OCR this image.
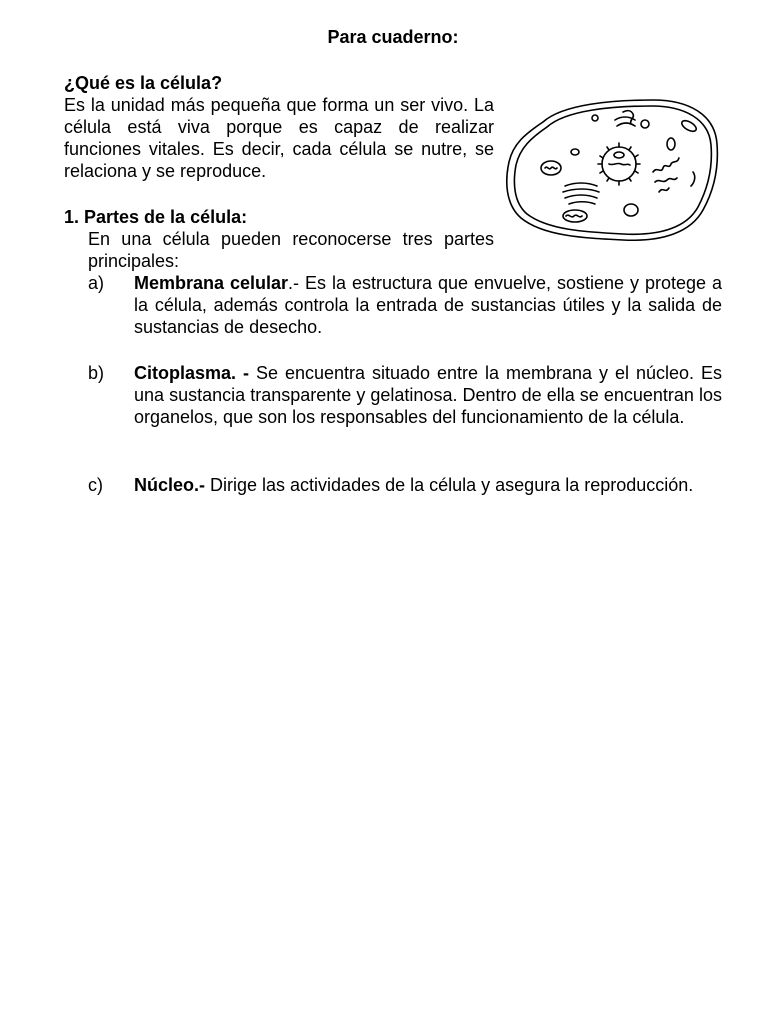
Para cuaderno:
¿Qué es la célula?

Es la unidad más pequeña que forma un ser vivo. La célula está viva porque es capaz de realizar funciones vitales. Es decir, cada célula se nutre, se relaciona y se reproduce.

1. Partes de la célula:

En una célula pueden reconocerse tres partes principales:

a) Membrana celular.- Es la estructura que envuelve, sostiene y protege a la célula, además controla la entrada de sustancias útiles y la salida de sustancias de desecho.

b) Citoplasma. - Se encuentra situado entre la membrana y el núcleo. Es una sustancia transparente y gelatinosa. Dentro de ella se encuentran los organelos, que son los responsables del funcionamiento de la célula.

c) Núcleo.- Dirige las actividades de la célula y asegura la reproducción.
